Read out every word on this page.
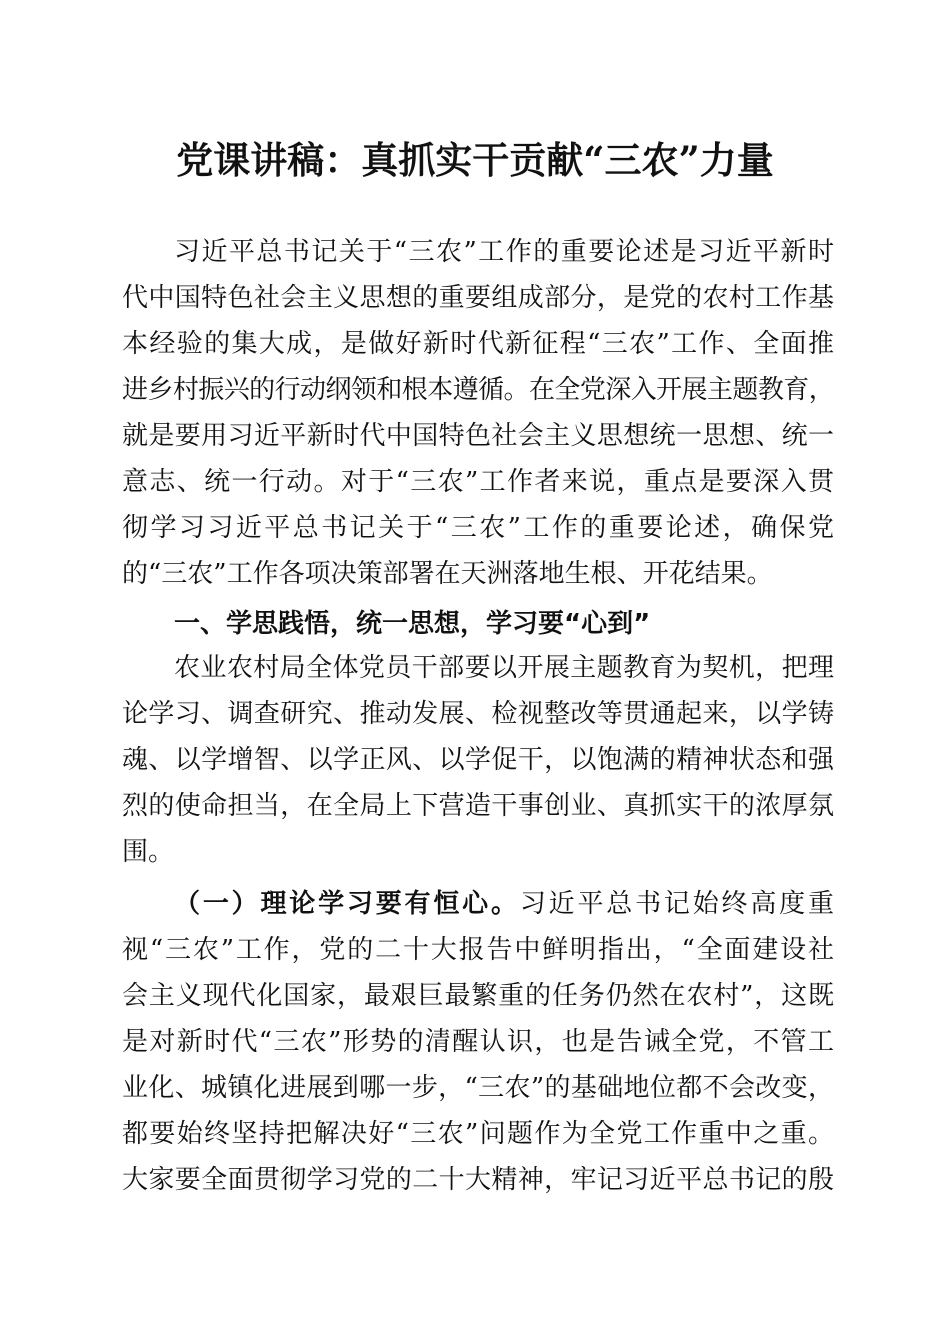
党课讲稿：真抓实干贡献“三农”力量
习近平总书记关于“三农”工作的重要论述是习近平新时
代中国特色社会主义思想的重要组成部分，是党的农村工作基
本经验的集大成，是做好新时代新征程“三农”工作、全面推
进乡村振兴的行动纲领和根本遵循。在全党深入开展主题教育，
就是要用习近平新时代中国特色社会主义思想统一思想、统一
意志、统一行动。对于“三农”工作者来说，重点是要深入贯
彻学习习近平总书记关于“三农”工作的重要论述，确保党
的“三农”工作各项决策部署在天洲落地生根、开花结果。
一、学思践悟，统一思想，学习要“心到”
农业农村局全体党员干部要以开展主题教育为契机，把理
论学习、调查研究、推动发展、检视整改等贯通起来，以学铸
魂、以学增智、以学正风、以学促干，以饱满的精神状态和强
烈的使命担当，在全局上下营造干事创业、真抓实干的浓厚氛
围。
（一）理论学习要有恒心。习近平总书记始终高度重
视“三农”工作，党的二十大报告中鲜明指出，“全面建设社
会主义现代化国家，最艰巨最繁重的任务仍然在农村”，这既
是对新时代“三农”形势的清醒认识，也是告诫全党，不管工
业化、城镇化进展到哪一步，“三农”的基础地位都不会改变，
都要始终坚持把解决好“三农”问题作为全党工作重中之重。
大家要全面贯彻学习党的二十大精神，牢记习近平总书记的殷
